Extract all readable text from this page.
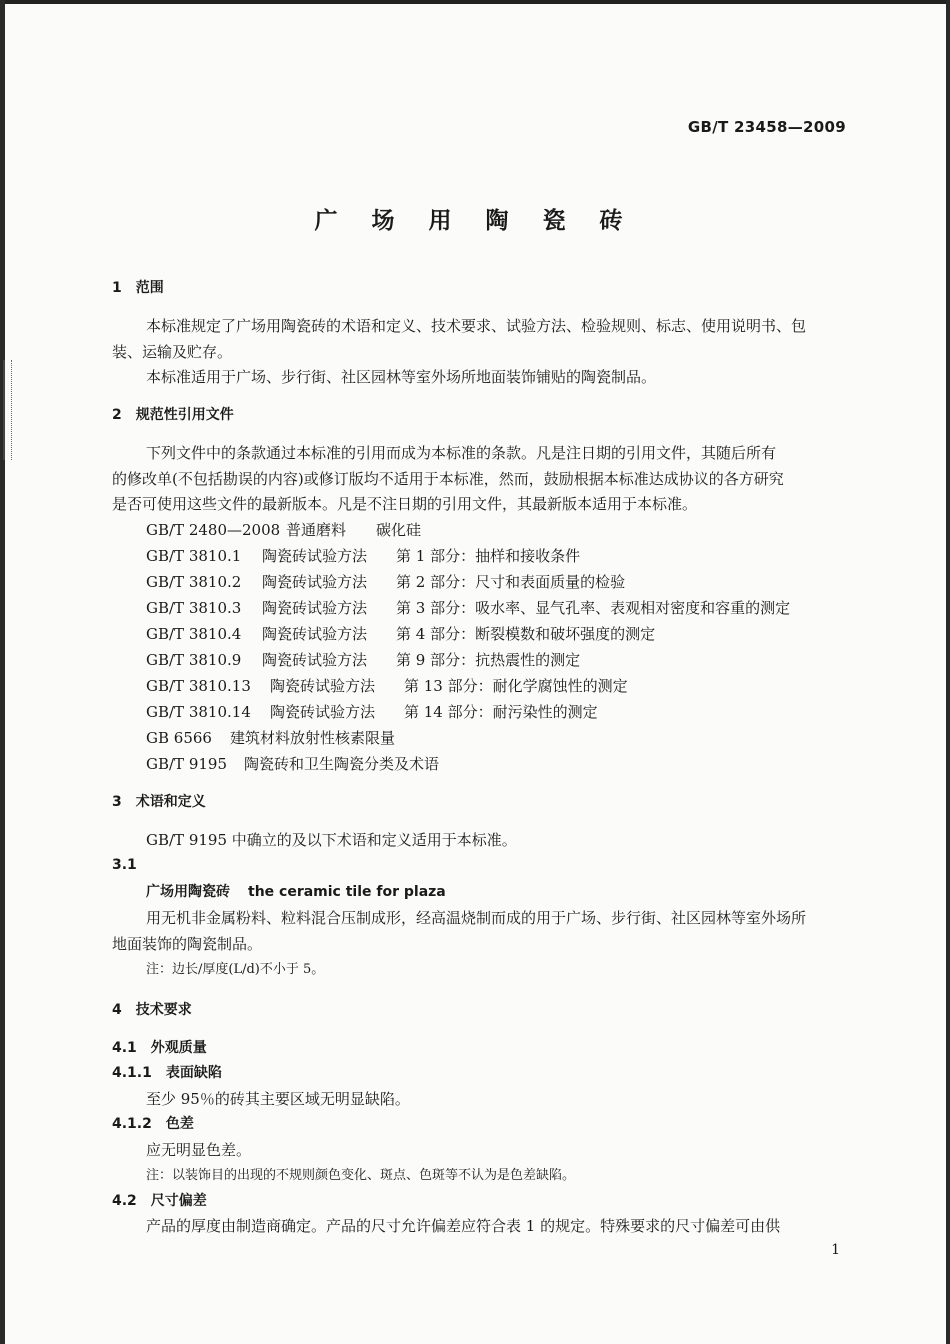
GB/T 23458—2009
广 场 用 陶 瓷 砖
1　范围
本标准规定了广场用陶瓷砖的术语和定义、技术要求、试验方法、检验规则、标志、使用说明书、包
装、运输及贮存。
本标准适用于广场、步行街、社区园林等室外场所地面装饰铺贴的陶瓷制品。
2　规范性引用文件
下列文件中的条款通过本标准的引用而成为本标准的条款。凡是注日期的引用文件，其随后所有
的修改单(不包括勘误的内容)或修订版均不适用于本标准，然而，鼓励根据本标准达成协议的各方研究
是否可使用这些文件的最新版本。凡是不注日期的引用文件，其最新版本适用于本标准。
GB/T 2480—2008 普通磨料 碳化硅
GB/T 3810.1 陶瓷砖试验方法 第 1 部分：抽样和接收条件
GB/T 3810.2 陶瓷砖试验方法 第 2 部分：尺寸和表面质量的检验
GB/T 3810.3 陶瓷砖试验方法 第 3 部分：吸水率、显气孔率、表观相对密度和容重的测定
GB/T 3810.4 陶瓷砖试验方法 第 4 部分：断裂模数和破坏强度的测定
GB/T 3810.9 陶瓷砖试验方法 第 9 部分：抗热震性的测定
GB/T 3810.13 陶瓷砖试验方法 第 13 部分：耐化学腐蚀性的测定
GB/T 3810.14 陶瓷砖试验方法 第 14 部分：耐污染性的测定
GB 6566 建筑材料放射性核素限量
GB/T 9195 陶瓷砖和卫生陶瓷分类及术语
3　术语和定义
GB/T 9195 中确立的及以下术语和定义适用于本标准。
3.1
广场用陶瓷砖 the ceramic tile for plaza
用无机非金属粉料、粒料混合压制成形，经高温烧制而成的用于广场、步行街、社区园林等室外场所
地面装饰的陶瓷制品。
注：边长/厚度(L/d)不小于 5。
4　技术要求
4.1　外观质量
4.1.1　表面缺陷
至少 95％的砖其主要区域无明显缺陷。
4.1.2　色差
应无明显色差。
注：以装饰目的出现的不规则颜色变化、斑点、色斑等不认为是色差缺陷。
4.2　尺寸偏差
产品的厚度由制造商确定。产品的尺寸允许偏差应符合表 1 的规定。特殊要求的尺寸偏差可由供
1
